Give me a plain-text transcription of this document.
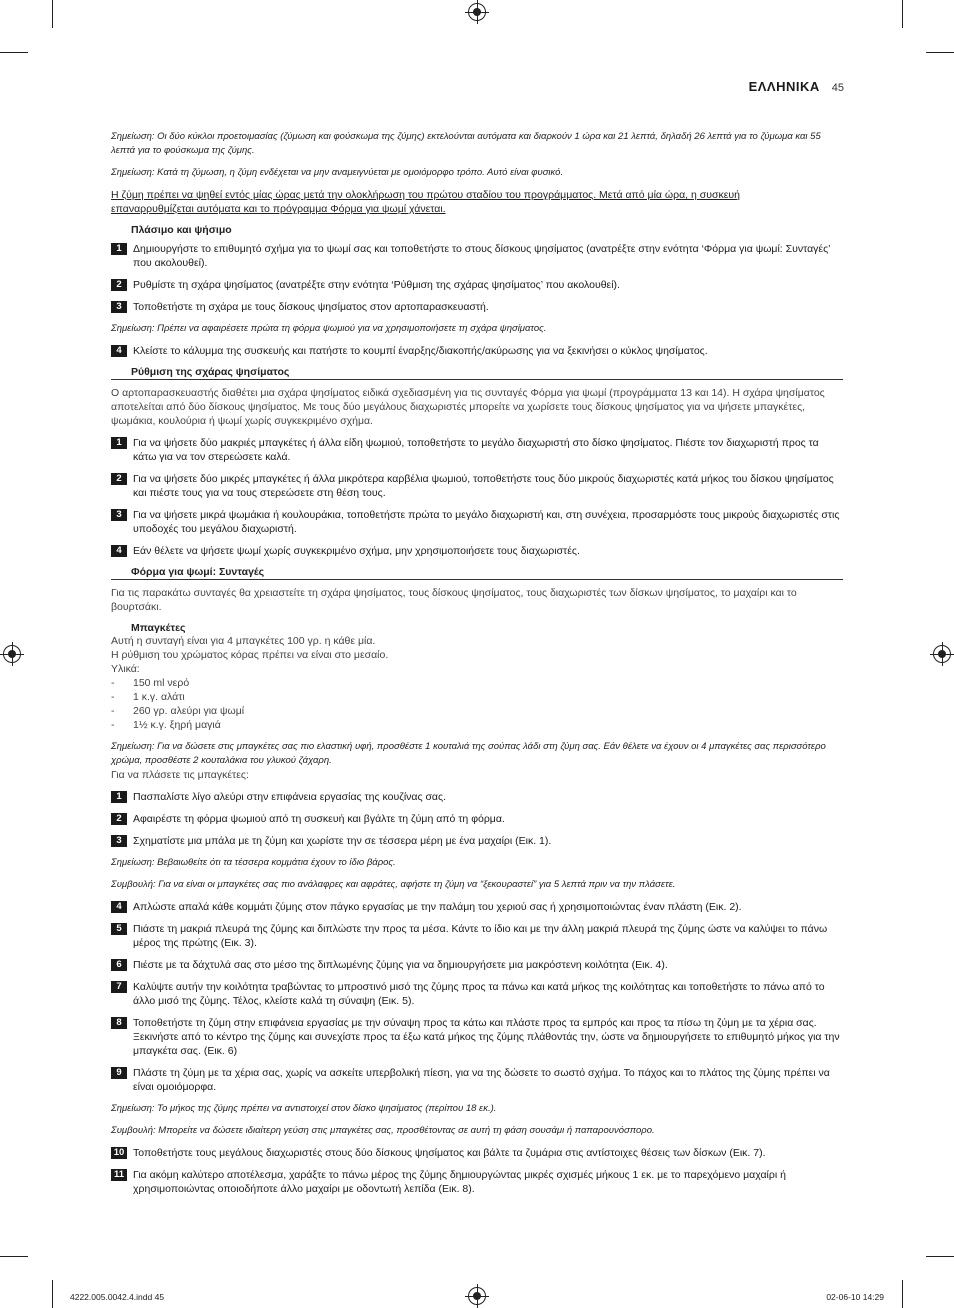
ΕΛΛΗΝΙΚΑ 45

Σημείωση: Οι δύο κύκλοι προετοιμασίας (ζύμωση και φούσκωμα της ζύμης) εκτελούνται αυτόματα και διαρκούν 1 ώρα και 21 λεπτά, δηλαδή 26 λεπτά για το ζύμωμα και 55 λεπτά για το φούσκωμα της ζύμης.

Σημείωση: Κατά τη ζύμωση, η ζύμη ενδέχεται να μην αναμειγνύεται με ομοιόμορφο τρόπο. Αυτό είναι φυσικό.

Η ζύμη πρέπει να ψηθεί εντός μίας ώρας μετά την ολοκλήρωση του πρώτου σταδίου του προγράμματος. Μετά από μία ώρα, η συσκευή επαναρρυθμίζεται αυτόματα και το πρόγραμμα Φόρμα για ψωμί χάνεται.

Πλάσιμο και ψήσιμο
1	Δημιουργήστε το επιθυμητό σχήμα για το ψωμί σας και τοποθετήστε το στους δίσκους ψησίματος (ανατρέξτε στην ενότητα ‘Φόρμα για ψωμί: Συνταγές’ που ακολουθεί).
2	Ρυθμίστε τη σχάρα ψησίματος (ανατρέξτε στην ενότητα ‘Ρύθμιση της σχάρας ψησίματος’ που ακολουθεί).
3	Τοποθετήστε τη σχάρα με τους δίσκους ψησίματος στον αρτοπαρασκευαστή.

Σημείωση: Πρέπει να αφαιρέσετε πρώτα τη φόρμα ψωμιού για να χρησιμοποιήσετε τη σχάρα ψησίματος.

4	Κλείστε το κάλυμμα της συσκευής και πατήστε το κουμπί έναρξης/διακοπής/ακύρωσης για να ξεκινήσει ο κύκλος ψησίματος.
Ρύθμιση της σχάρας ψησίματος

Ο αρτοπαρασκευαστής διαθέτει μια σχάρα ψησίματος ειδικά σχεδιασμένη για τις συνταγές Φόρμα για ψωμί (προγράμματα 13 και 14). Η σχάρα ψησίματος αποτελείται από δύο δίσκους ψησίματος. Με τους δύο μεγάλους διαχωριστές μπορείτε να χωρίσετε τους δίσκους ψησίματος για να ψήσετε μπαγκέτες, ψωμάκια, κουλούρια ή ψωμί χωρίς συγκεκριμένο σχήμα.

1	Για να ψήσετε δύο μακριές μπαγκέτες ή άλλα είδη ψωμιού, τοποθετήστε το μεγάλο διαχωριστή στο δίσκο ψησίματος. Πιέστε τον διαχωριστή προς τα κάτω για να τον στερεώσετε καλά.
2	Για να ψήσετε δύο μικρές μπαγκέτες ή άλλα μικρότερα καρβέλια ψωμιού, τοποθετήστε τους δύο μικρούς διαχωριστές κατά μήκος του δίσκου ψησίματος και πιέστε τους για να τους στερεώσετε στη θέση τους.
3	Για να ψήσετε μικρά ψωμάκια ή κουλουράκια, τοποθετήστε πρώτα το μεγάλο διαχωριστή και, στη συνέχεια, προσαρμόστε τους μικρούς διαχωριστές στις υποδοχές του μεγάλου διαχωριστή.
4	Εάν θέλετε να ψήσετε ψωμί χωρίς συγκεκριμένο σχήμα, μην χρησιμοποιήσετε τους διαχωριστές.
Φόρμα για ψωμί: Συνταγές

Για τις παρακάτω συνταγές θα χρειαστείτε τη σχάρα ψησίματος, τους δίσκους ψησίματος, τους διαχωριστές των δίσκων ψησίματος, το μαχαίρι και το βουρτσάκι.

Μπαγκέτες

Αυτή η συνταγή είναι για 4 μπαγκέτες 100 γρ. η κάθε μία.

Η ρύθμιση του χρώματος κόρας πρέπει να είναι στο μεσαίο.

Υλικά:

-	150 ml νερό
-	1 κ.γ. αλάτι
-	260 γρ. αλεύρι για ψωμί
-	1½ κ.γ. ξηρή μαγιά

Σημείωση: Για να δώσετε στις μπαγκέτες σας πιο ελαστική υφή, προσθέστε 1 κουταλιά της σούπας λάδι στη ζύμη σας. Εάν θέλετε να έχουν οι 4 μπαγκέτες σας περισσότερο χρώμα, προσθέστε 2 κουταλάκια του γλυκού ζάχαρη.

Για να πλάσετε τις μπαγκέτες:

1	Πασπαλίστε λίγο αλεύρι στην επιφάνεια εργασίας της κουζίνας σας.
2	Αφαιρέστε τη φόρμα ψωμιού από τη συσκευή και βγάλτε τη ζύμη από τη φόρμα.
3	Σχηματίστε μια μπάλα με τη ζύμη και χωρίστε την σε τέσσερα μέρη με ένα μαχαίρι (Εικ. 1).

Σημείωση: Βεβαιωθείτε ότι τα τέσσερα κομμάτια έχουν το ίδιο βάρος.

Συμβουλή: Για να είναι οι μπαγκέτες σας πιο ανάλαφρες και αφράτες, αφήστε τη ζύμη να “ξεκουραστεί” για 5 λεπτά πριν να την πλάσετε.

4	Απλώστε απαλά κάθε κομμάτι ζύμης στον πάγκο εργασίας με την παλάμη του χεριού σας ή χρησιμοποιώντας έναν πλάστη (Εικ. 2).
5	Πιάστε τη μακριά πλευρά της ζύμης και διπλώστε την προς τα μέσα. Κάντε το ίδιο και με την άλλη μακριά πλευρά της ζύμης ώστε να καλύψει το πάνω μέρος της πρώτης (Εικ. 3).
6	Πιέστε με τα δάχτυλά σας στο μέσο της διπλωμένης ζύμης για να δημιουργήσετε μια μακρόστενη κοιλότητα (Εικ. 4).
7	Καλύψτε αυτήν την κοιλότητα τραβώντας το μπροστινό μισό της ζύμης προς τα πάνω και κατά μήκος της κοιλότητας και τοποθετήστε το πάνω από το άλλο μισό της ζύμης. Τέλος, κλείστε καλά τη σύναψη (Εικ. 5).
8	Τοποθετήστε τη ζύμη στην επιφάνεια εργασίας με την σύναψη προς τα κάτω και πλάστε προς τα εμπρός και προς τα πίσω τη ζύμη με τα χέρια σας. Ξεκινήστε από το κέντρο της ζύμης και συνεχίστε προς τα έξω κατά μήκος της ζύμης πλάθοντάς την, ώστε να δημιουργήσετε το επιθυμητό μήκος για την μπαγκέτα σας. (Εικ. 6)
9	Πλάστε τη ζύμη με τα χέρια σας, χωρίς να ασκείτε υπερβολική πίεση, για να της δώσετε το σωστό σχήμα. Το πάχος και το πλάτος της ζύμης πρέπει να είναι ομοιόμορφα.

Σημείωση: Το μήκος της ζύμης πρέπει να αντιστοιχεί στον δίσκο ψησίματος (περίπου 18 εκ.).

Συμβουλή: Μπορείτε να δώσετε ιδιαίτερη γεύση στις μπαγκέτες σας, προσθέτοντας σε αυτή τη φάση σουσάμι ή παπαρουνόσπορο.

10 Τοποθετήστε τους μεγάλους διαχωριστές στους δύο δίσκους ψησίματος και βάλτε τα ζυμάρια στις αντίστοιχες θέσεις των δίσκων (Εικ. 7).
11 Για ακόμη καλύτερο αποτέλεσμα, χαράξτε το πάνω μέρος της ζύμης δημιουργώντας μικρές σχισμές μήκους 1 εκ. με το παρεχόμενο μαχαίρι ή χρησιμοποιώντας οποιοδήποτε άλλο μαχαίρι με οδοντωτή λεπίδα (Εικ. 8).
4222.005.0042.4.indd 45	02-06-10 14:29
